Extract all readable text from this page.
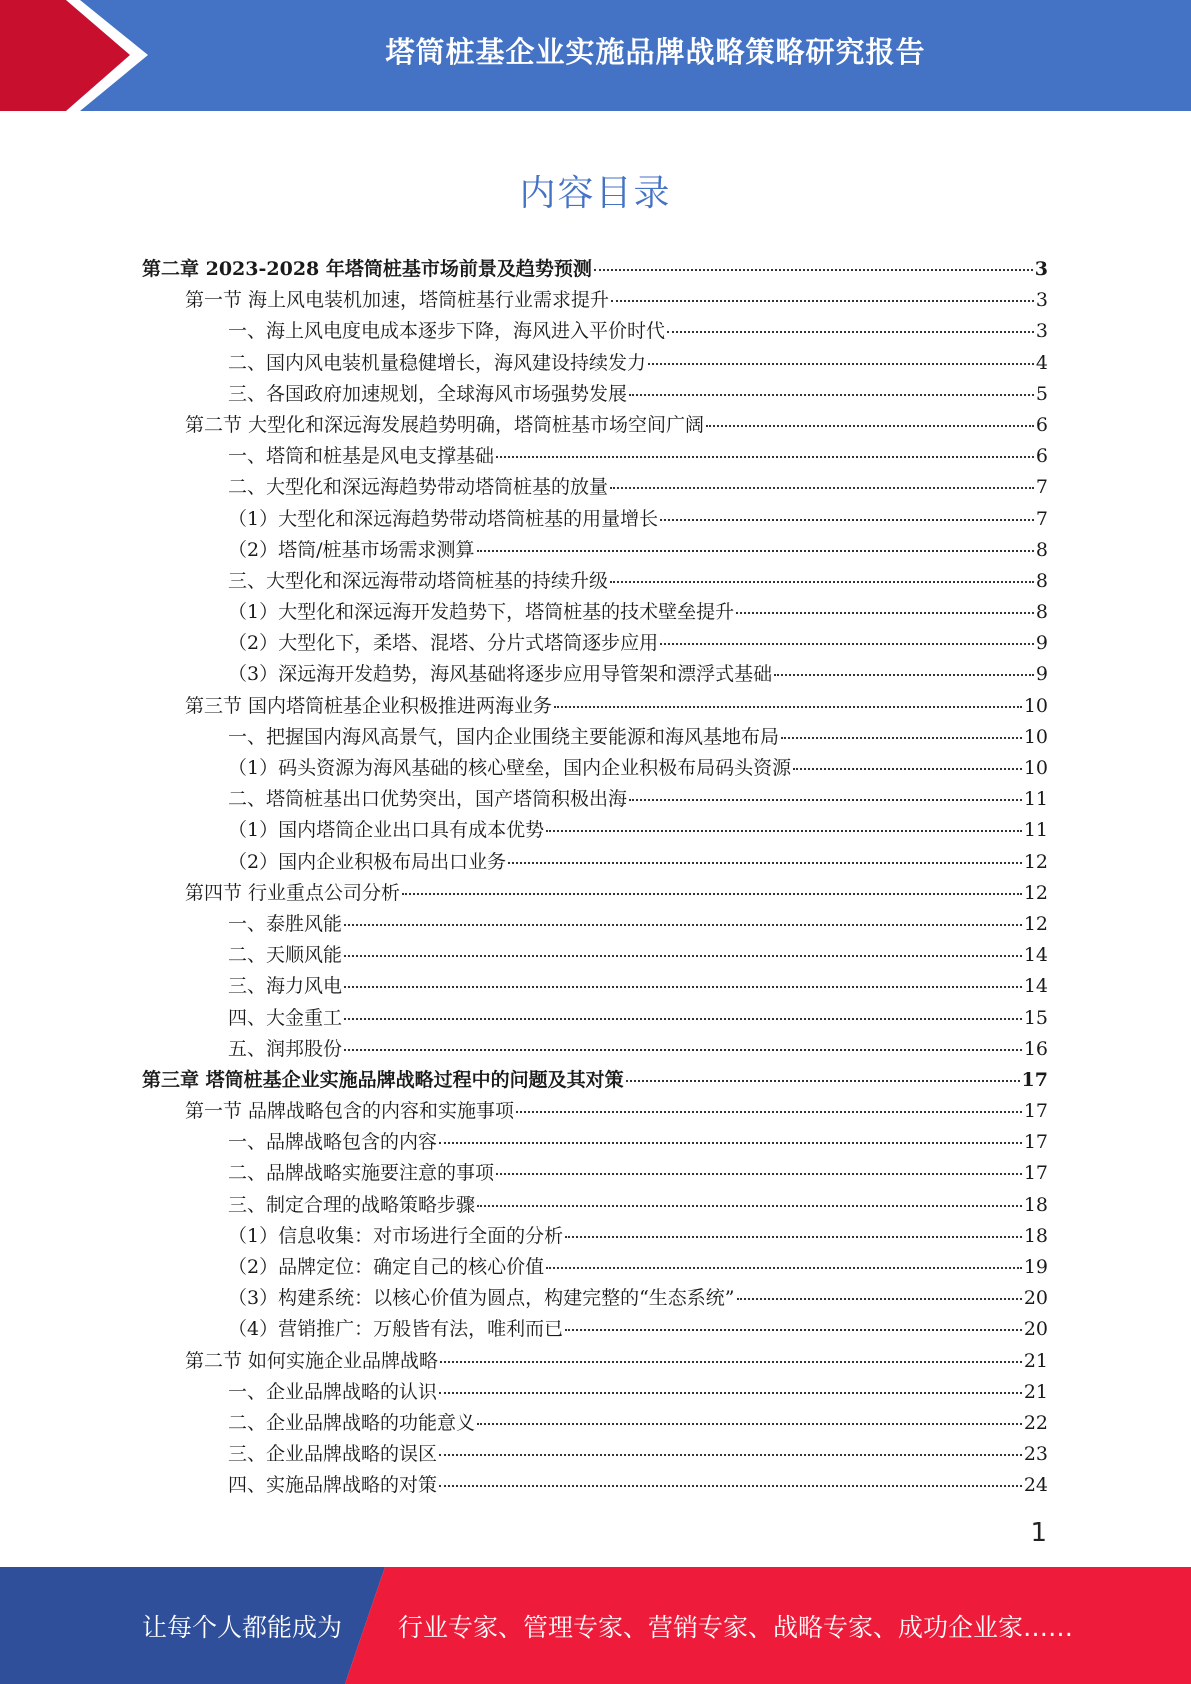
塔筒桩基企业实施品牌战略策略研究报告
内容目录
第二章 2023-2028 年塔筒桩基市场前景及趋势预测	3
第一节 海上风电装机加速，塔筒桩基行业需求提升	3
一、海上风电度电成本逐步下降，海风进入平价时代	3
二、国内风电装机量稳健增长，海风建设持续发力	4
三、各国政府加速规划，全球海风市场强势发展	5
第二节 大型化和深远海发展趋势明确，塔筒桩基市场空间广阔	6
一、塔筒和桩基是风电支撑基础	6
二、大型化和深远海趋势带动塔筒桩基的放量	7
（1）大型化和深远海趋势带动塔筒桩基的用量增长	7
（2）塔筒/桩基市场需求测算	8
三、大型化和深远海带动塔筒桩基的持续升级	8
（1）大型化和深远海开发趋势下，塔筒桩基的技术壁垒提升	8
（2）大型化下，柔塔、混塔、分片式塔筒逐步应用	9
（3）深远海开发趋势，海风基础将逐步应用导管架和漂浮式基础	9
第三节 国内塔筒桩基企业积极推进两海业务	10
一、把握国内海风高景气，国内企业围绕主要能源和海风基地布局	10
（1）码头资源为海风基础的核心壁垒，国内企业积极布局码头资源	10
二、塔筒桩基出口优势突出，国产塔筒积极出海	11
（1）国内塔筒企业出口具有成本优势	11
（2）国内企业积极布局出口业务	12
第四节 行业重点公司分析	12
一、泰胜风能	12
二、天顺风能	14
三、海力风电	14
四、大金重工	15
五、润邦股份	16
第三章 塔筒桩基企业实施品牌战略过程中的问题及其对策	17
第一节 品牌战略包含的内容和实施事项	17
一、品牌战略包含的内容	17
二、品牌战略实施要注意的事项	17
三、制定合理的战略策略步骤	18
（1）信息收集：对市场进行全面的分析	18
（2）品牌定位：确定自己的核心价值	19
（3）构建系统：以核心价值为圆点，构建完整的“生态系统”	20
（4）营销推广：万般皆有法，唯利而已	20
第二节 如何实施企业品牌战略	21
一、企业品牌战略的认识	21
二、企业品牌战略的功能意义	22
三、企业品牌战略的误区	23
四、实施品牌战略的对策	24
1
让每个人都能成为 行业专家、管理专家、营销专家、战略专家、成功企业家……
